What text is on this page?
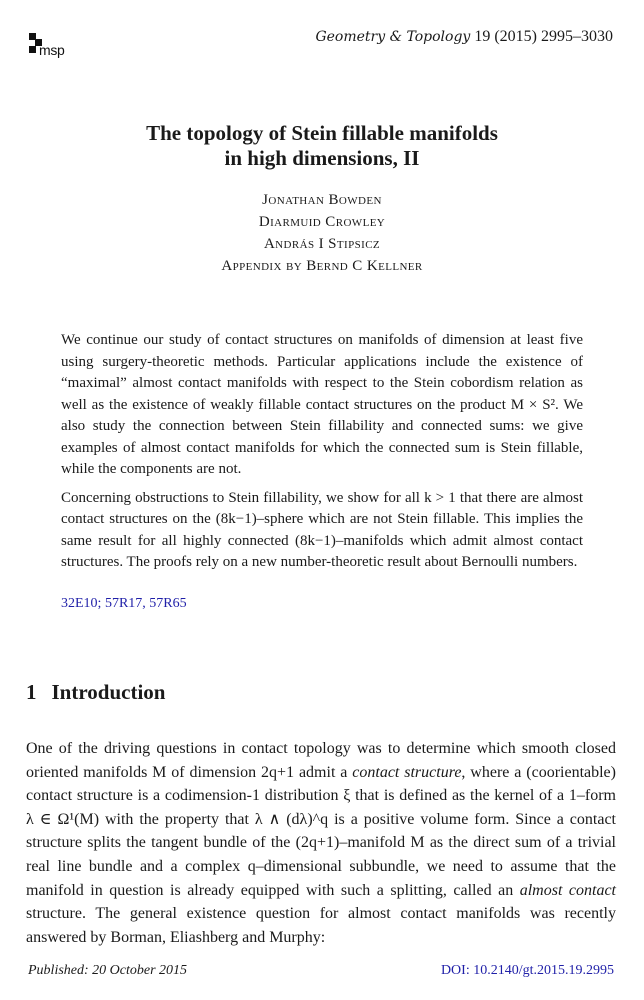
msp
Geometry & Topology 19 (2015) 2995–3030
The topology of Stein fillable manifolds
in high dimensions, II
Jonathan Bowden
Diarmuid Crowley
András I Stipsicz
Appendix by Bernd C Kellner

We continue our study of contact structures on manifolds of dimension at least five using surgery-theoretic methods. Particular applications include the existence of “maximal” almost contact manifolds with respect to the Stein cobordism relation as well as the existence of weakly fillable contact structures on the product M × S². We also study the connection between Stein fillability and connected sums: we give examples of almost contact manifolds for which the connected sum is Stein fillable, while the components are not.

Concerning obstructions to Stein fillability, we show for all k > 1 that there are almost contact structures on the (8k−1)–sphere which are not Stein fillable. This implies the same result for all highly connected (8k−1)–manifolds which admit almost contact structures. The proofs rely on a new number-theoretic result about Bernoulli numbers.

32E10; 57R17, 57R65
1 Introduction

One of the driving questions in contact topology was to determine which smooth closed oriented manifolds M of dimension 2q+1 admit a contact structure, where a (coorientable) contact structure is a codimension-1 distribution ξ that is defined as the kernel of a 1–form λ ∈ Ω¹(M) with the property that λ ∧ (dλ)^q is a positive volume form. Since a contact structure splits the tangent bundle of the (2q+1)–manifold M as the direct sum of a trivial real line bundle and a complex q–dimensional subbundle, we need to assume that the manifold in question is already equipped with such a splitting, called an almost contact structure. The general existence question for almost contact manifolds was recently answered by Borman, Eliashberg and Murphy:

Published: 20 October 2015	DOI: 10.2140/gt.2015.19.2995
